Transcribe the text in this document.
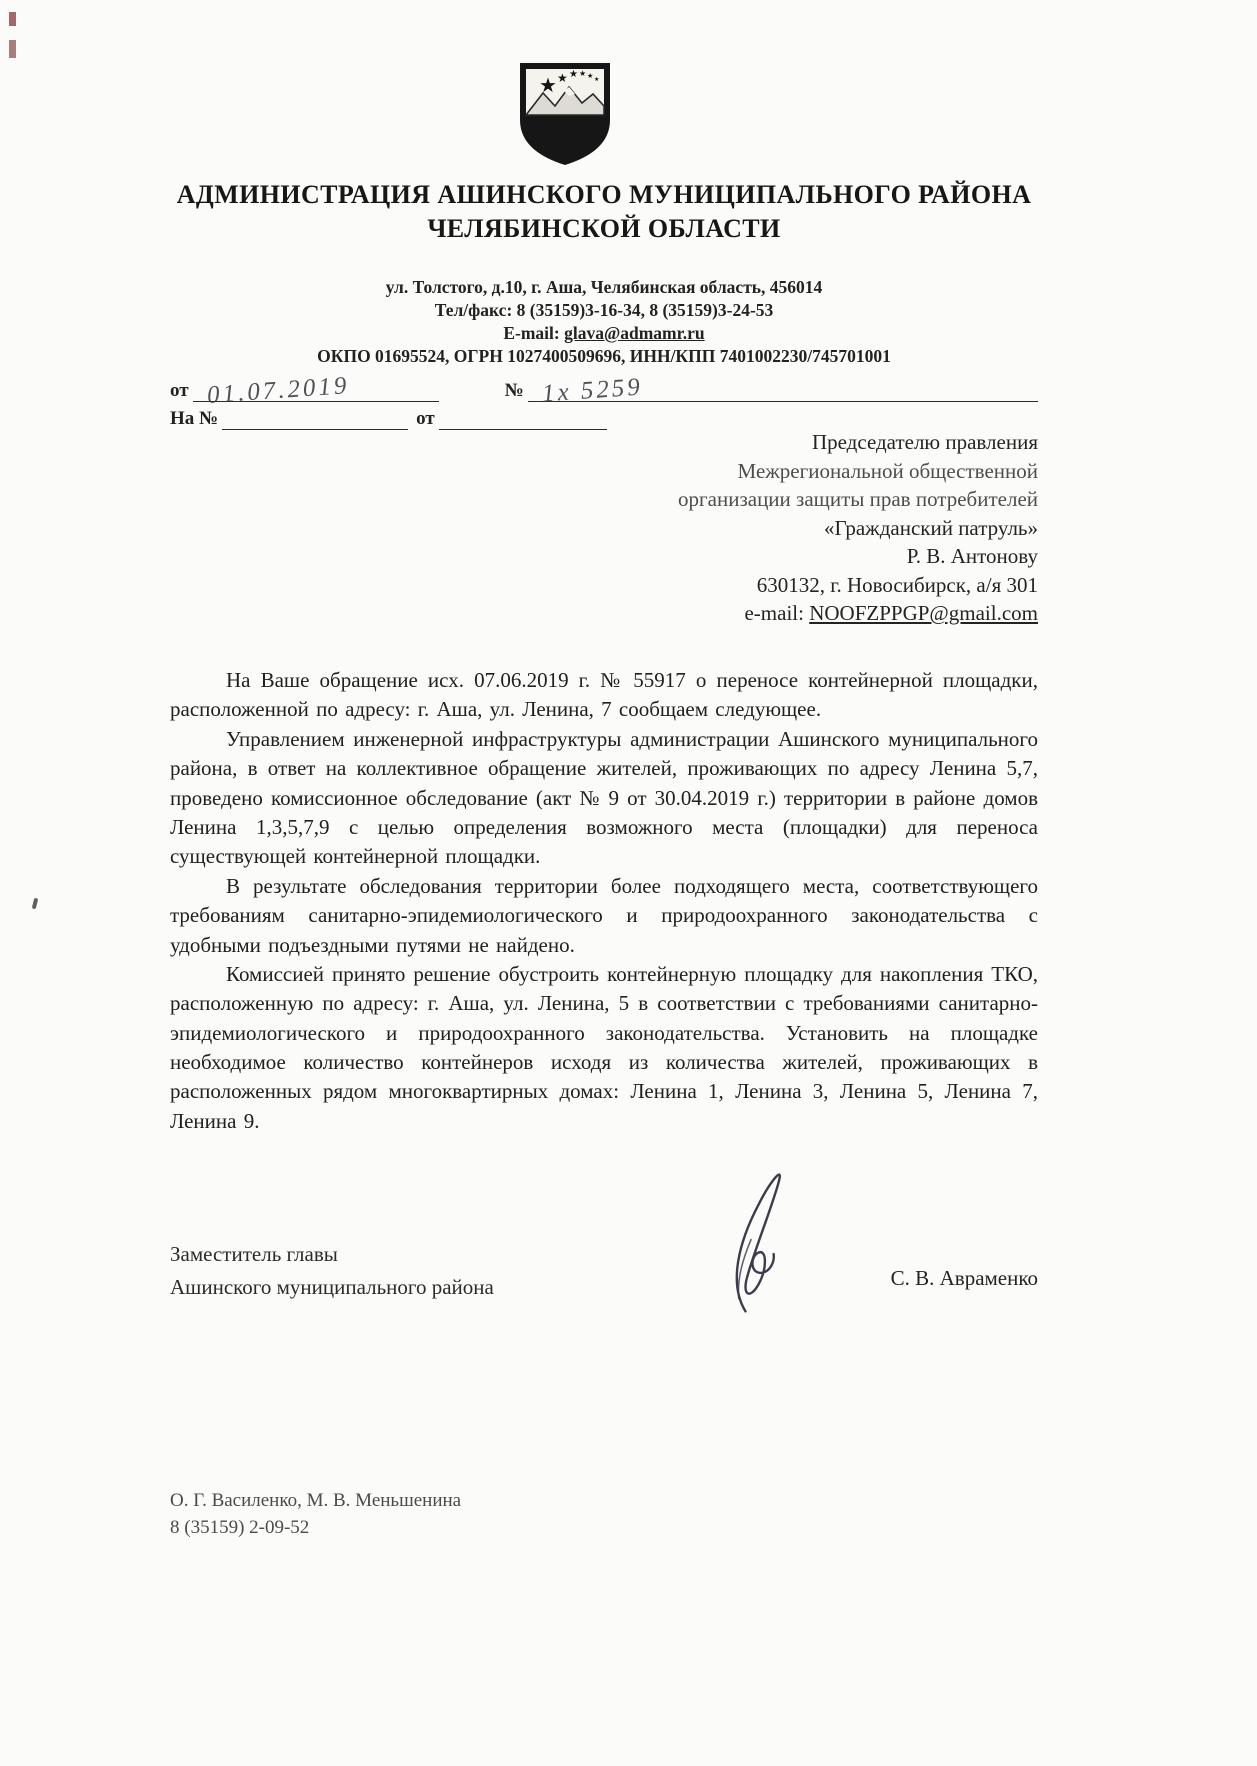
★ ★ ★ ★ ★ ★
АДМИНИСТРАЦИЯ АШИНСКОГО МУНИЦИПАЛЬНОГО РАЙОНА
ЧЕЛЯБИНСКОЙ ОБЛАСТИ
ул. Толстого, д.10, г. Аша, Челябинская область, 456014
Тел/факс: 8 (35159)3-16-34, 8 (35159)3-24-53
E-mail: glava@admamr.ru
ОКПО 01695524, ОГРН 1027400509696, ИНН/КПП 7401002230/745701001
от 01.07.2019	№ 1х 5259
На №	от
Председателю правления
Межрегиональной общественной
организации защиты прав потребителей
«Гражданский патруль»
Р. В. Антонову
630132, г. Новосибирск, а/я 301
e-mail: NOOFZPPGP@gmail.com

На Ваше обращение исх. 07.06.2019 г. № 55917 о переносе контейнерной площадки, расположенной по адресу: г. Аша, ул. Ленина, 7 сообщаем следующее.

Управлением инженерной инфраструктуры администрации Ашинского муниципального района, в ответ на коллективное обращение жителей, проживающих по адресу Ленина 5,7, проведено комиссионное обследование (акт № 9 от 30.04.2019 г.) территории в районе домов Ленина 1,3,5,7,9 с целью определения возможного места (площадки) для переноса существующей контейнерной площадки.

В результате обследования территории более подходящего места, соответствующего требованиям санитарно-эпидемиологического и природоохранного законодательства с удобными подъездными путями не найдено.

Комиссией принято решение обустроить контейнерную площадку для накопления ТКО, расположенную по адресу: г. Аша, ул. Ленина, 5 в соответствии с требованиями санитарно-эпидемиологического и природоохранного законодательства. Установить на площадке необходимое количество контейнеров исходя из количества жителей, проживающих в расположенных рядом многоквартирных домах: Ленина 1, Ленина 3, Ленина 5, Ленина 7, Ленина 9.

Заместитель главы
Ашинского муниципального района	С. В. Авраменко
О. Г. Василенко, М. В. Меньшенина
8 (35159) 2-09-52
